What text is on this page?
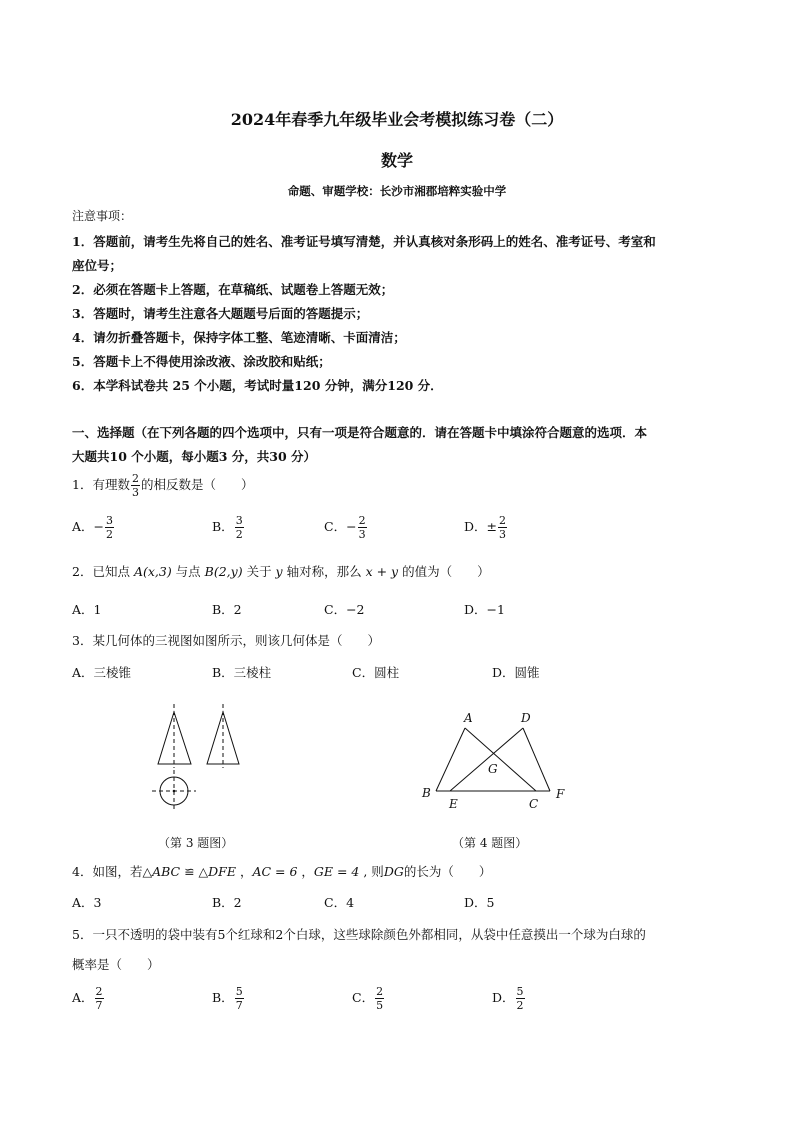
2024年春季九年级毕业会考模拟练习卷（二）
数学
命题、审题学校：长沙市湘郡培粹实验中学
注意事项：
1．答题前，请考生先将自己的姓名、准考证号填写清楚，并认真核对条形码上的姓名、准考证号、考室和
座位号；
2．必须在答题卡上答题，在草稿纸、试题卷上答题无效；
3．答题时，请考生注意各大题题号后面的答题提示；
4．请勿折叠答题卡，保持字体工整、笔迹清晰、卡面清洁；
5．答题卡上不得使用涂改液、涂改胶和贴纸；
6．本学科试卷共 25 个小题，考试时量120 分钟，满分120 分．
一、选择题（在下列各题的四个选项中，只有一项是符合题意的．请在答题卡中填涂符合题意的选项．本
大题共10 个小题，每小题3 分，共30 分）
1．有理数 $\frac{2}{3}$ 的相反数是（　　）
A．− $\frac{3}{2}$	B． $\frac{3}{2}$	C．− $\frac{2}{3}$	D．± $\frac{2}{3}$
2．已知点 A(x,3) 与点 B(2,y) 关于 y 轴对称，那么 x + y 的值为（　　）
A．1	B．2	C．−2	D．−1
3．某几何体的三视图如图所示，则该几何体是（　　）
A．三棱锥	B．三棱柱	C．圆柱	D．圆锥
（第 3 题图）
A	D
G
B
E	C
F
（第 4 题图）
4．如图，若△ABC ≌ △DFE ，AC = 6 ，GE = 4 , 则DG的长为（　　）
A．3	B．2	C．4	D．5
5．一只不透明的袋中装有5个红球和2个白球，这些球除颜色外都相同，从袋中任意摸出一个球为白球的
概率是（　　）
A． $\frac{2}{7}$	B． $\frac{5}{7}$	C． $\frac{2}{5}$	D． $\frac{5}{2}$
